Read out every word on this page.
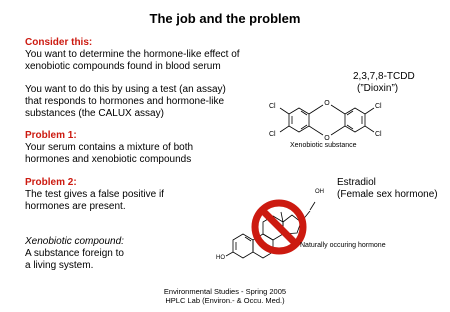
The job and the problem
Consider this:
You want to determine the hormone-like effect of
xenobiotic compounds found in blood serum
You want to do this by using a test (an assay)
that responds to hormones and hormone-like
substances (the CALUX assay)
Problem 1:
Your serum contains a mixture of both
hormones and xenobiotic compounds
Problem 2:
The test gives a false positive if
hormones are present.
Xenobiotic compound:
A substance foreign to
a living system.
2,3,7,8-TCDD
(”Dioxin”)
O
O
Cl
Cl
Cl
Cl
Xenobiotic substance
Estradiol
(Female sex hormone)
HO
OH
Naturally occuring hormone
Environmental Studies - Spring 2005
HPLC Lab (Environ.- & Occu. Med.)
